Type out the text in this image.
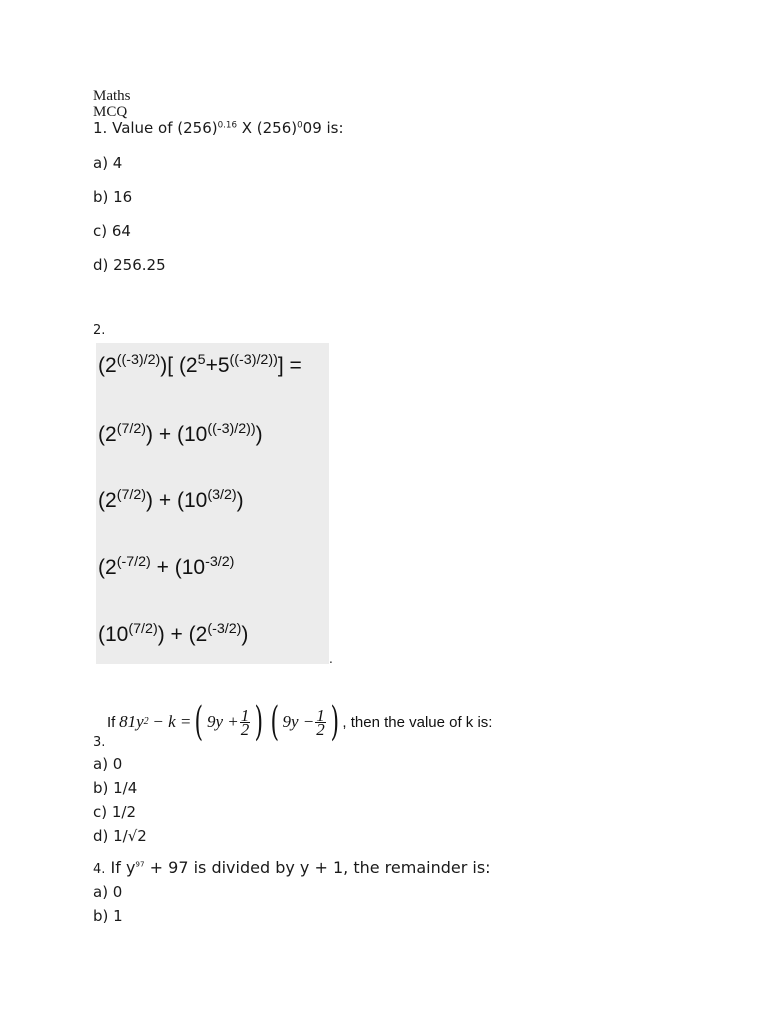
Maths
MCQ
1. Value of $(256)^{0.16}$ X $(256)^009$ is:
a) 4
b) 16
c) 64
d) 256.25
2.
$(2^{((-3)/2)})$[ $(2^5+5^{((-3)/2))}]$ =
$(2^{(7/2)}) + (10^{((-3)/2))})$
$(2^{(7/2)}) + (10^{(3/2)})$
($2^{(-7/2)} + (10^{-3/2)}$
$(10^{(7/2)}) + (2^{(-3/2)})$
.
If
81y 2
− k = ( $9y + \frac{1}{2}$ ) ( $9y - \frac{1}{2}$ ) , then the value of k is:
3.
a) 0
b) 1/4
c) 1/2
d) 1/√2
4. If $y^{97} + 97$ is divided by y + 1, the remainder is:
a) 0
b) 1
